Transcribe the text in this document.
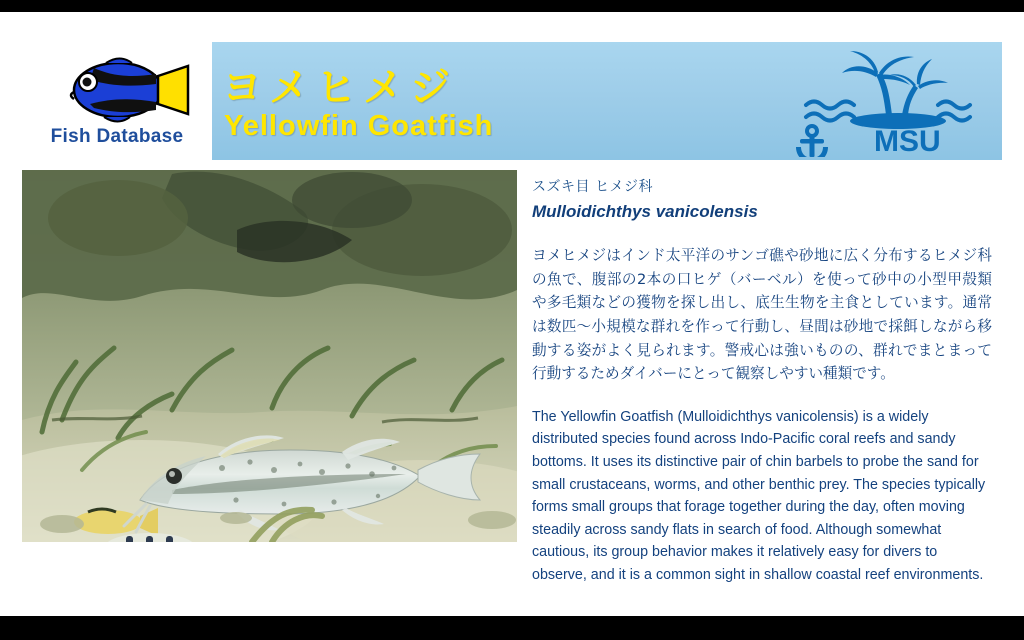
Fish Database
ヨメヒメジ
Yellowfin Goatfish	MSU
スズキ目 ヒメジ科
Mulloidichthys vanicolensis

ヨメヒメジはインド太平洋のサンゴ礁や砂地に広く分布するヒメジ科の魚で、腹部の2本の口ヒゲ（バーベル）を使って砂中の小型甲殻類や多毛類などの獲物を探し出し、底生生物を主食としています。通常は数匹〜小規模な群れを作って行動し、昼間は砂地で採餌しながら移動する姿がよく見られます。警戒心は強いものの、群れでまとまって行動するためダイバーにとって観察しやすい種類です。

The Yellowfin Goatfish (Mulloidichthys vanicolensis) is a widely distributed species found across Indo-Pacific coral reefs and sandy bottoms. It uses its distinctive pair of chin barbels to probe the sand for small crustaceans, worms, and other benthic prey. The species typically forms small groups that forage together during the day, often moving steadily across sandy flats in search of food. Although somewhat cautious, its group behavior makes it relatively easy for divers to observe, and it is a common sight in shallow coastal reef environments.
